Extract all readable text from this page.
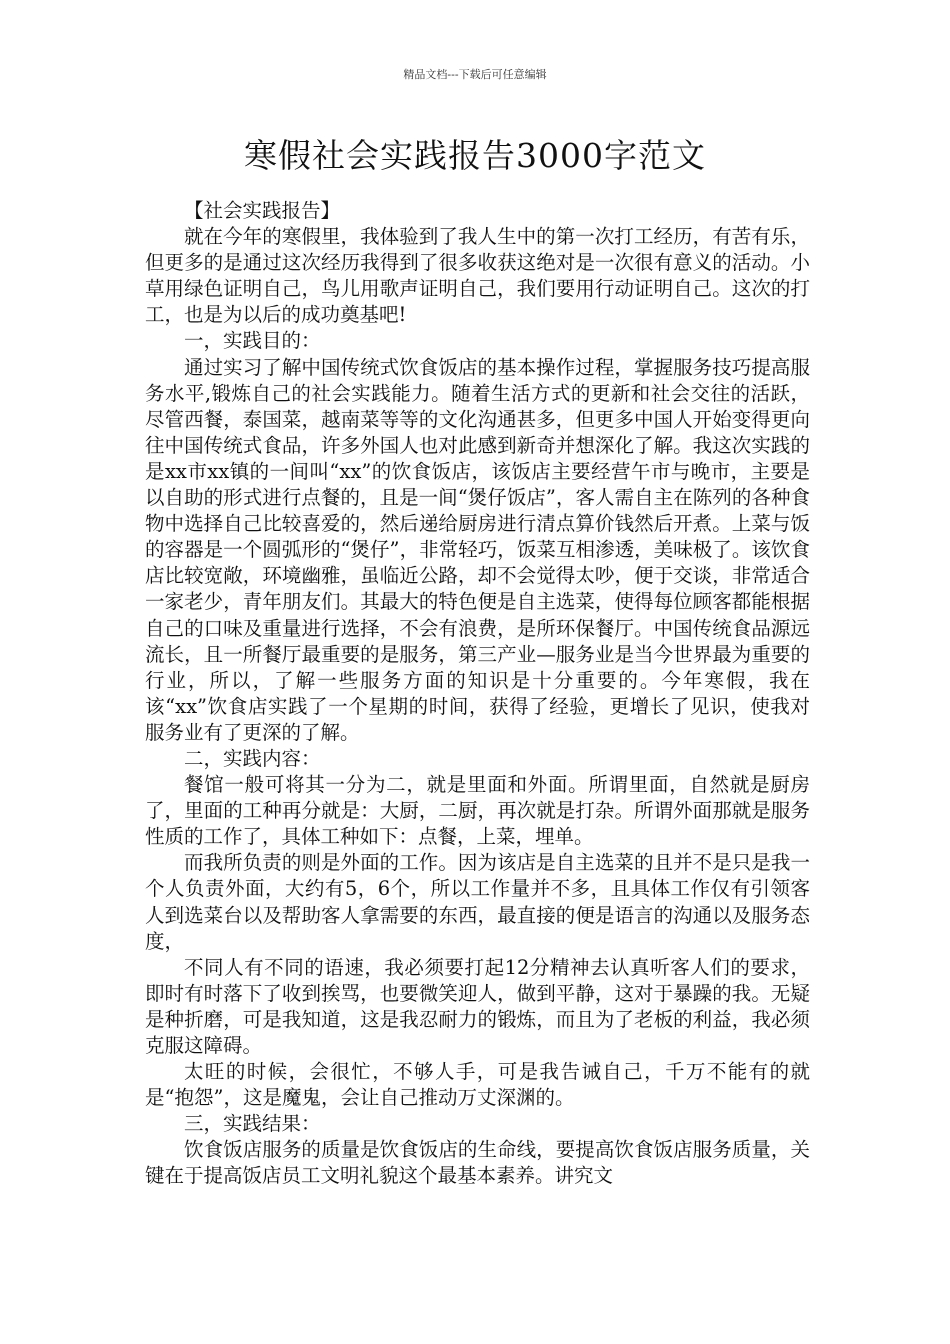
精品文档---下载后可任意编辑
寒假社会实践报告3000字范文

【社会实践报告】

就在今年的寒假里，我体验到了我人生中的第一次打工经历，有苦有乐，但更多的是通过这次经历我得到了很多收获这绝对是一次很有意义的活动。小草用绿色证明自己，鸟儿用歌声证明自己，我们要用行动证明自己。这次的打工，也是为以后的成功奠基吧!

一，实践目的：

通过实习了解中国传统式饮食饭店的基本操作过程，掌握服务技巧提高服务水平,锻炼自己的社会实践能力。随着生活方式的更新和社会交往的活跃，尽管西餐，泰国菜，越南菜等等的文化沟通甚多，但更多中国人开始变得更向往中国传统式食品，许多外国人也对此感到新奇并想深化了解。我这次实践的是xx市xx镇的一间叫“xx”的饮食饭店，该饭店主要经营午市与晚市，主要是以自助的形式进行点餐的，且是一间“煲仔饭店”，客人需自主在陈列的各种食物中选择自己比较喜爱的，然后递给厨房进行清点算价钱然后开煮。上菜与饭的容器是一个圆弧形的“煲仔”，非常轻巧，饭菜互相渗透，美味极了。该饮食店比较宽敞，环境幽雅，虽临近公路，却不会觉得太吵，便于交谈，非常适合一家老少，青年朋友们。其最大的特色便是自主选菜，使得每位顾客都能根据自己的口味及重量进行选择，不会有浪费，是所环保餐厅。中国传统食品源远流长，且一所餐厅最重要的是服务，第三产业—服务业是当今世界最为重要的行业，所以，了解一些服务方面的知识是十分重要的。今年寒假，我在该“xx”饮食店实践了一个星期的时间，获得了经验，更增长了见识，使我对服务业有了更深的了解。

二，实践内容：

餐馆一般可将其一分为二，就是里面和外面。所谓里面，自然就是厨房了，里面的工种再分就是：大厨，二厨，再次就是打杂。所谓外面那就是服务性质的工作了，具体工种如下：点餐，上菜，埋单。

而我所负责的则是外面的工作。因为该店是自主选菜的且并不是只是我一个人负责外面，大约有5，6个，所以工作量并不多，且具体工作仅有引领客人到选菜台以及帮助客人拿需要的东西，最直接的便是语言的沟通以及服务态度，

不同人有不同的语速，我必须要打起12分精神去认真听客人们的要求，即时有时落下了收到挨骂，也要微笑迎人，做到平静，这对于暴躁的我。无疑是种折磨，可是我知道，这是我忍耐力的锻炼，而且为了老板的利益，我必须克服这障碍。

太旺的时候，会很忙，不够人手，可是我告诫自己，千万不能有的就是“抱怨”，这是魔鬼，会让自己推动万丈深渊的。

三，实践结果：

饮食饭店服务的质量是饮食饭店的生命线，要提高饮食饭店服务质量，关键在于提高饭店员工文明礼貌这个最基本素养。讲究文
